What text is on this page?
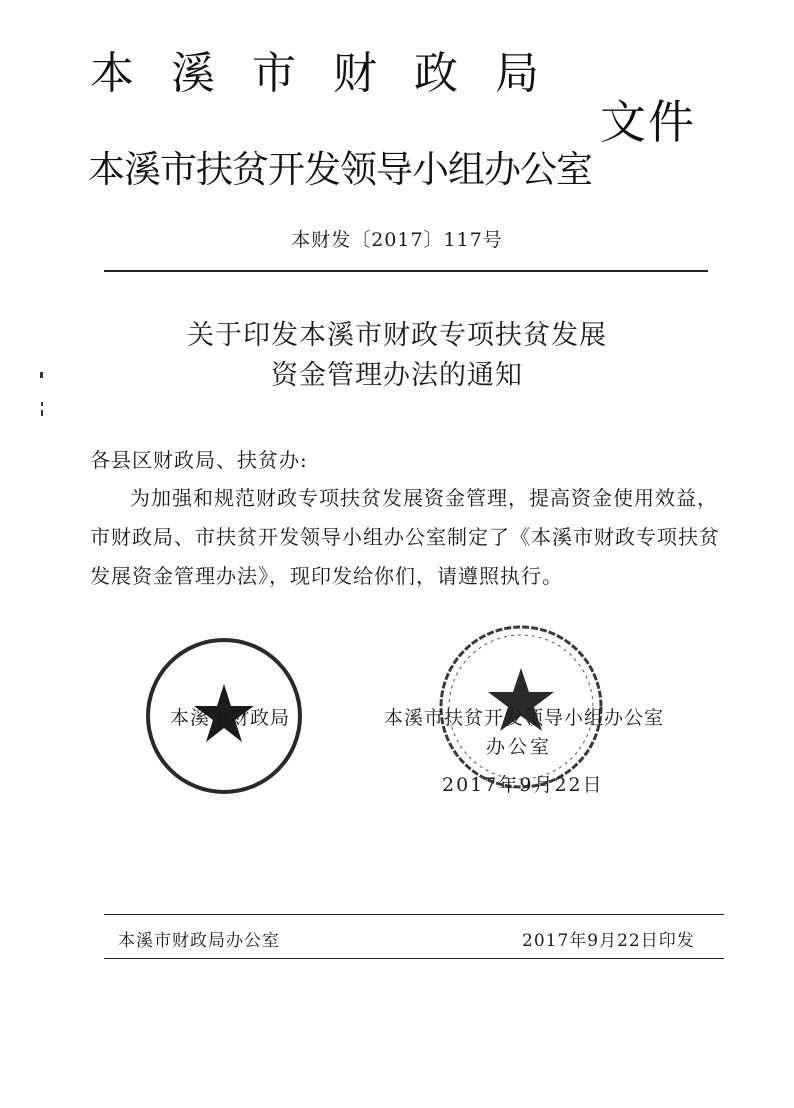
本溪市财政局
文件
本溪市扶贫开发领导小组办公室
本财发〔2017〕117号
关于印发本溪市财政专项扶贫发展
资金管理办法的通知
各县区财政局、扶贫办:
为加强和规范财政专项扶贫发展资金管理，提高资金使用效益，
市财政局、市扶贫开发领导小组办公室制定了《本溪市财政专项扶贫
发展资金管理办法》，现印发给你们，请遵照执行。
本溪市财政局	本溪市扶贫开发领导小组办公室
办公室
2017年9月22日
本溪市财政局办公室	2017年9月22日印发
